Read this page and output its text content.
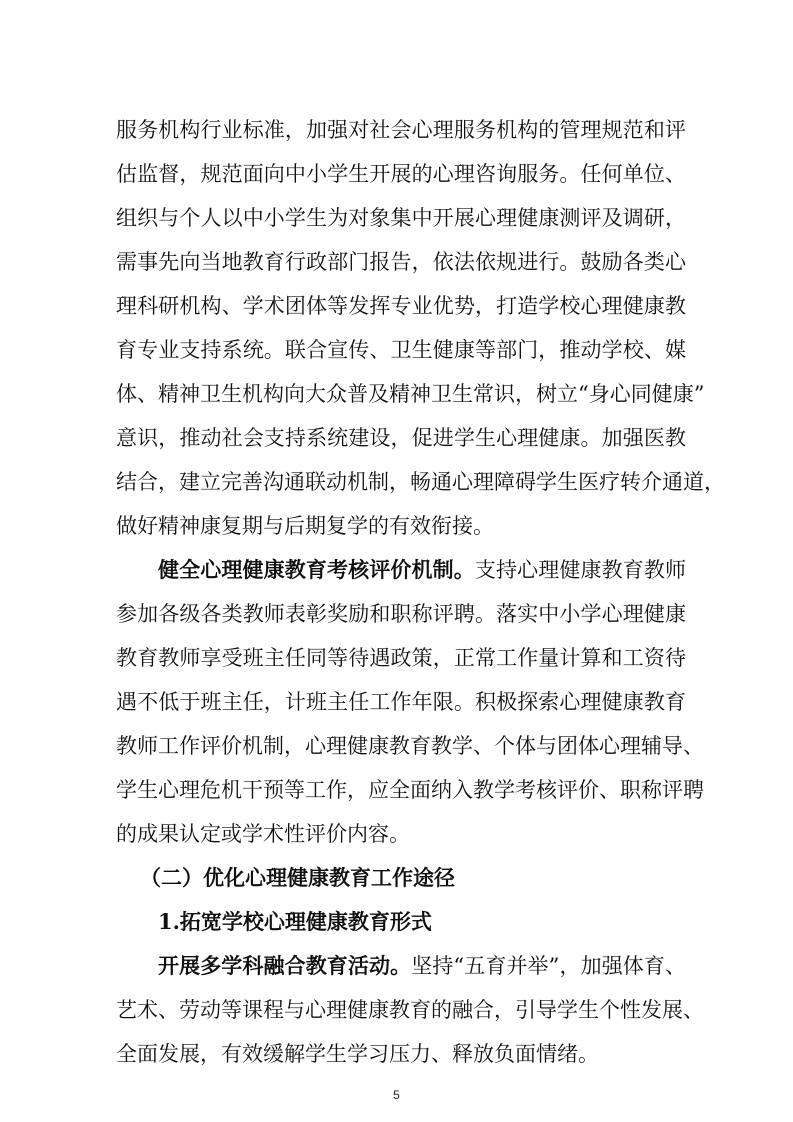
服务机构行业标准，加强对社会心理服务机构的管理规范和评
估监督，规范面向中小学生开展的心理咨询服务。任何单位、
组织与个人以中小学生为对象集中开展心理健康测评及调研，
需事先向当地教育行政部门报告，依法依规进行。鼓励各类心
理科研机构、学术团体等发挥专业优势，打造学校心理健康教
育专业支持系统。联合宣传、卫生健康等部门，推动学校、媒
体、精神卫生机构向大众普及精神卫生常识，树立“身心同健康”
意识，推动社会支持系统建设，促进学生心理健康。加强医教
结合，建立完善沟通联动机制，畅通心理障碍学生医疗转介通道，
做好精神康复期与后期复学的有效衔接。
健全心理健康教育考核评价机制。支持心理健康教育教师
参加各级各类教师表彰奖励和职称评聘。落实中小学心理健康
教育教师享受班主任同等待遇政策，正常工作量计算和工资待
遇不低于班主任，计班主任工作年限。积极探索心理健康教育
教师工作评价机制，心理健康教育教学、个体与团体心理辅导、
学生心理危机干预等工作，应全面纳入教学考核评价、职称评聘
的成果认定或学术性评价内容。
（二）优化心理健康教育工作途径
1.拓宽学校心理健康教育形式
开展多学科融合教育活动。坚持“五育并举”，加强体育、
艺术、劳动等课程与心理健康教育的融合，引导学生个性发展、
全面发展，有效缓解学生学习压力、释放负面情绪。
5
